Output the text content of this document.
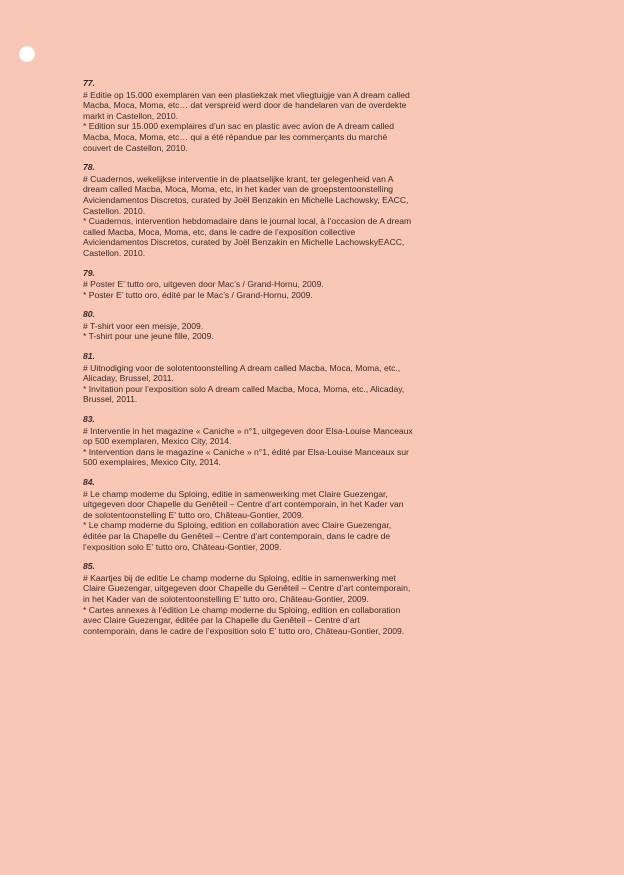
77.
# Editie op 15.000 exemplaren van een plastiekzak met vliegtuigje van A dream called
Macba, Moca, Moma, etc… dat verspreid werd door de handelaren van de overdekte
markt in Castellon, 2010.
* Edition sur 15.000 exemplaires d’un sac en plastic avec avion de A dream called
Macba, Moca, Moma, etc… qui a été répandue par les commerçants du marché
couvert de Castellon, 2010.
78.
# Cuadernos, wekelijkse interventie in de plaatselijke krant, ter gelegenheid van A
dream called Macba, Moca, Moma, etc, in het kader van de groepstentoonstelling
Aviciendamentos Discretos, curated by Joël Benzakin en Michelle Lachowsky, EACC,
Castellon. 2010.
* Cuadernos, intervention hebdomadaire dans le journal local, à l’occasion de A dream
called Macba, Moca, Moma, etc, dans le cadre de l’exposition collective
Aviciendamentos Discretos, curated by Joël Benzakin en Michelle LachowskyEACC,
Castellon. 2010.
79.
# Poster E’ tutto oro, uitgeven door Mac’s / Grand-Hornu, 2009.
* Poster E’ tutto oro, édité par le Mac’s / Grand-Hornu, 2009.
80.
# T-shirt voor een meisje, 2009.
* T-shirt pour une jeune fille, 2009.
81.
# Uitnodiging voor de solotentoonstelling A dream called Macba, Moca, Moma, etc.,
Alicaday, Brussel, 2011.
* Invitation pour l’exposition solo A dream called Macba, Moca, Moma, etc., Alicaday,
Brussel, 2011.
83.
# Interventie in het magazine « Caniche » n°1, uitgegeven door Elsa-Louise Manceaux
op 500 exemplaren, Mexico City, 2014.
* Intervention dans le magazine « Caniche » n°1, édité par Elsa-Louise Manceaux sur
500 exemplaires, Mexico City, 2014.
84.
# Le champ moderne du Sploing, editie in samenwerking met Claire Guezengar,
uitgegeven door Chapelle du Genêteil – Centre d’art contemporain, in het Kader van
de solotentoonstelling E’ tutto oro, Château-Gontier, 2009.
* Le champ moderne du Sploing, edition en collaboration avec Claire Guezengar,
éditée par la Chapelle du Genêteil – Centre d’art contemporain, dans le cadre de
l’exposition solo E’ tutto oro, Château-Gontier, 2009.
85.
# Kaartjes bij de editie Le champ moderne du Sploing, editie in samenwerking met
Claire Guezengar, uitgegeven door Chapelle du Genêteil – Centre d’art contemporain,
in het Kader van de solotentoonstelling E’ tutto oro, Château-Gontier, 2009.
* Cartes annexes à l’édition Le champ moderne du Sploing, edition en collaboration
avec Claire Guezengar, éditée par la Chapelle du Genêteil – Centre d’art
contemporain, dans le cadre de l’exposition solo E’ tutto oro, Château-Gontier, 2009.
